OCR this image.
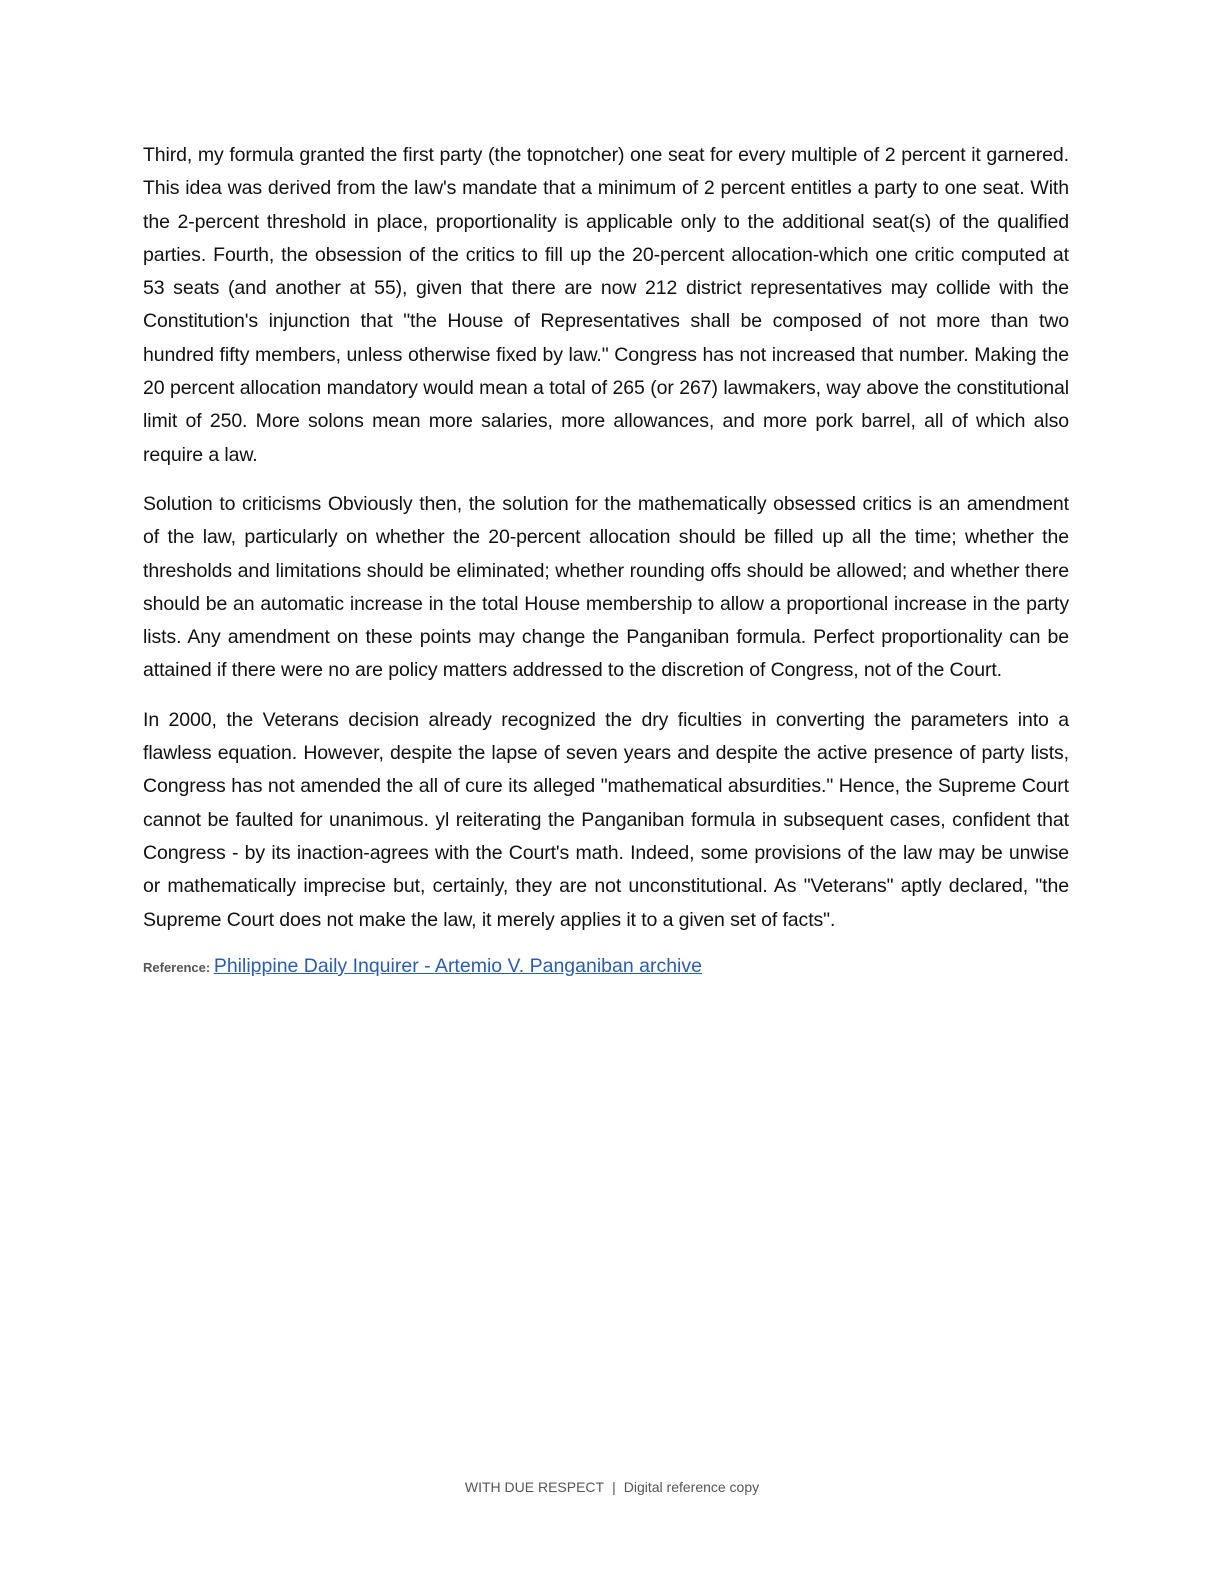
Third, my formula granted the first party (the topnotcher) one seat for every multiple of 2 percent it garnered. This idea was derived from the law's mandate that a minimum of 2 percent entitles a party to one seat. With the 2-percent threshold in place, proportionality is applicable only to the additional seat(s) of the qualified parties. Fourth, the obsession of the critics to fill up the 20-percent allocation-which one critic computed at 53 seats (and another at 55), given that there are now 212 district representatives may collide with the Constitution's injunction that "the House of Representatives shall be composed of not more than two hundred fifty members, unless otherwise fixed by law." Congress has not increased that number. Making the 20 percent allocation mandatory would mean a total of 265 (or 267) lawmakers, way above the constitutional limit of 250. More solons mean more salaries, more allowances, and more pork barrel, all of which also require a law.

Solution to criticisms Obviously then, the solution for the mathematically obsessed critics is an amendment of the law, particularly on whether the 20-percent allocation should be filled up all the time; whether the thresholds and limitations should be eliminated; whether rounding offs should be allowed; and whether there should be an automatic increase in the total House membership to allow a proportional increase in the party lists. Any amendment on these points may change the Panganiban formula. Perfect proportionality can be attained if there were no are policy matters addressed to the discretion of Congress, not of the Court.

In 2000, the Veterans decision already recognized the dry ficulties in converting the parameters into a flawless equation. However, despite the lapse of seven years and despite the active presence of party lists, Congress has not amended the all of cure its alleged "mathematical absurdities." Hence, the Supreme Court cannot be faulted for unanimous. yl reiterating the Panganiban formula in subsequent cases, confident that Congress - by its inaction-agrees with the Court's math. Indeed, some provisions of the law may be unwise or mathematically imprecise but, certainly, they are not unconstitutional. As "Veterans" aptly declared, "the Supreme Court does not make the law, it merely applies it to a given set of facts".

Reference: Philippine Daily Inquirer - Artemio V. Panganiban archive
WITH DUE RESPECT | Digital reference copy
